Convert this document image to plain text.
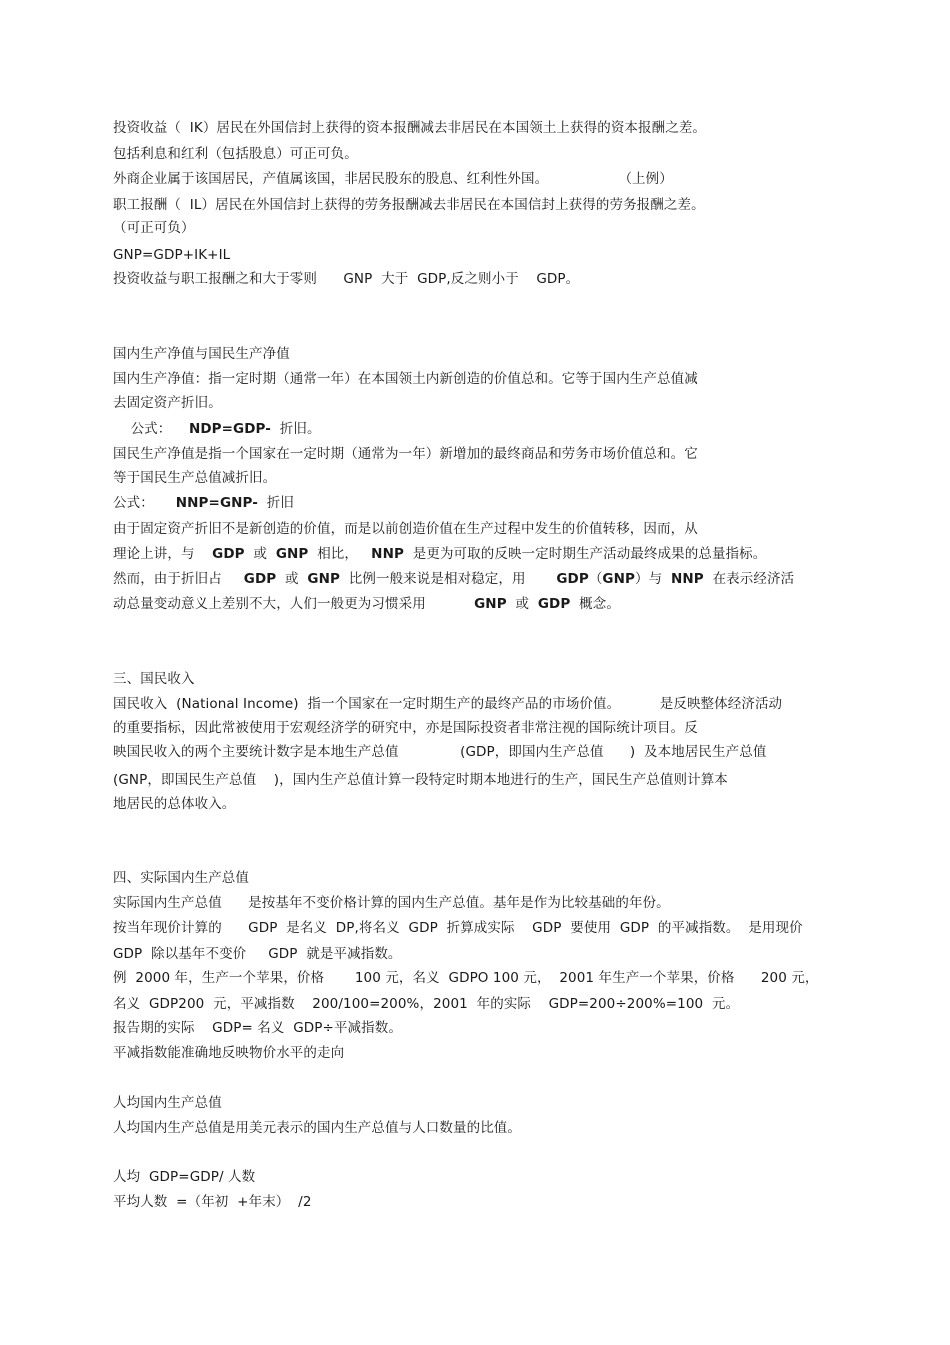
投资收益（  IK）居民在外国信封上获得的资本报酬减去非居民在本国领土上获得的资本报酬之差。
包括利息和红利（包括股息）可正可负。
外商企业属于该国居民，产值属该国，非居民股东的股息、红利性外国。                （上例）
职工报酬（  IL）居民在外国信封上获得的劳务报酬减去非居民在本国信封上获得的劳务报酬之差。
（可正可负）
GNP=GDP+IK+IL
投资收益与职工报酬之和大于零则      GNP  大于  GDP,反之则小于    GDP。
国内生产净值与国民生产净值
国内生产净值：指一定时期（通常一年）在本国领土内新创造的价值总和。它等于国内生产总值减
去固定资产折旧。
公式：    NDP=GDP-  折旧。
国民生产净值是指一个国家在一定时期（通常为一年）新增加的最终商品和劳务市场价值总和。它
等于国民生产总值减折旧。
公式：     NNP=GNP-  折旧
由于固定资产折旧不是新创造的价值，而是以前创造价值在生产过程中发生的价值转移，因而，从
理论上讲，与    GDP  或  GNP  相比，   NNP  是更为可取的反映一定时期生产活动最终成果的总量指标。
然而，由于折旧占     GDP  或  GNP  比例一般来说是相对稳定，用       GDP（GNP）与  NNP  在表示经济活
动总量变动意义上差别不大，人们一般更为习惯采用           GNP  或  GDP  概念。
三、国民收入
国民收入  (National Income)  指一个国家在一定时期生产的最终产品的市场价值。         是反映整体经济活动
的重要指标，因此常被使用于宏观经济学的研究中，亦是国际投资者非常注视的国际统计项目。反
映国民收入的两个主要统计数字是本地生产总值              (GDP，即国内生产总值      )  及本地居民生产总值
(GNP，即国民生产总值    )，国内生产总值计算一段特定时期本地进行的生产，国民生产总值则计算本
地居民的总体收入。
四、实际国内生产总值
实际国内生产总值      是按基年不变价格计算的国内生产总值。基年是作为比较基础的年份。
按当年现价计算的      GDP  是名义  DP,将名义  GDP  折算成实际    GDP  要使用  GDP  的平减指数。  是用现价
GDP  除以基年不变价     GDP  就是平减指数。
例  2000 年，生产一个苹果，价格       100 元，名义  GDPO 100 元，  2001 年生产一个苹果，价格      200 元，
名义  GDP200  元，平减指数    200/100=200%，2001  年的实际    GDP=200÷200%=100  元。
报告期的实际    GDP= 名义  GDP÷平减指数。
平减指数能准确地反映物价水平的走向
人均国内生产总值
人均国内生产总值是用美元表示的国内生产总值与人口数量的比值。
人均  GDP=GDP/ 人数
平均人数  =（年初  +年末）  /2
